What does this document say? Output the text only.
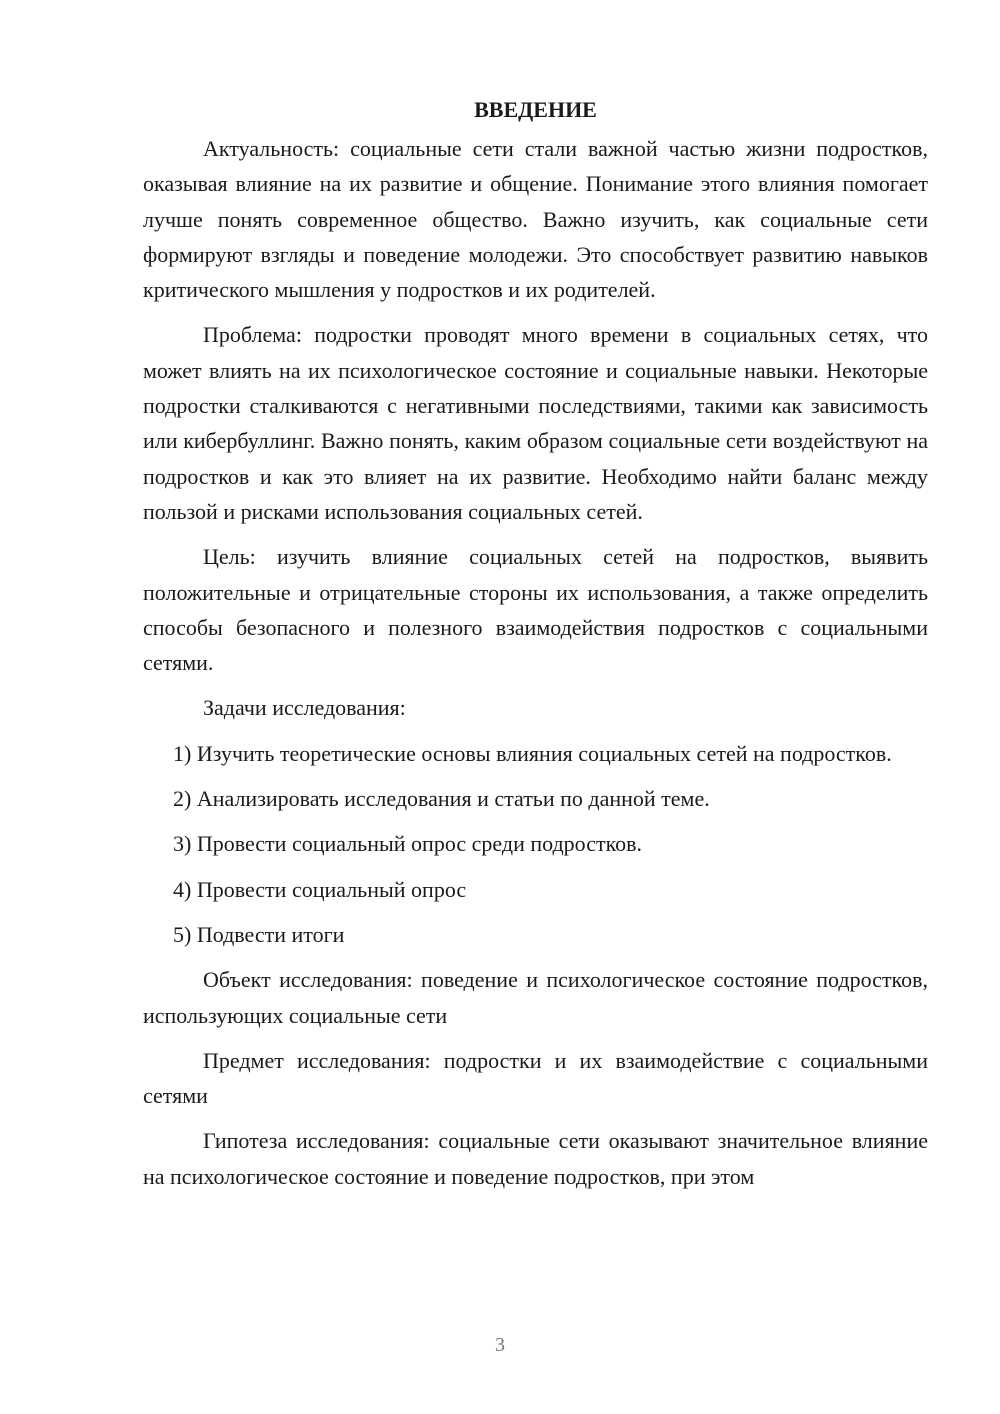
ВВЕДЕНИЕ

Актуальность: социальные сети стали важной частью жизни подростков, оказывая влияние на их развитие и общение. Понимание этого влияния помогает лучше понять современное общество. Важно изучить, как социальные сети формируют взгляды и поведение молодежи. Это способствует развитию навыков критического мышления у подростков и их родителей.

Проблема: подростки проводят много времени в социальных сетях, что может влиять на их психологическое состояние и социальные навыки. Некоторые подростки сталкиваются с негативными последствиями, такими как зависимость или кибербуллинг. Важно понять, каким образом социальные сети воздействуют на подростков и как это влияет на их развитие. Необходимо найти баланс между пользой и рисками использования социальных сетей.

Цель: изучить влияние социальных сетей на подростков, выявить положительные и отрицательные стороны их использования, а также определить способы безопасного и полезного взаимодействия подростков с социальными сетями.

Задачи исследования:

1) Изучить теоретические основы влияния социальных сетей на подростков.

2) Анализировать исследования и статьи по данной теме.

3) Провести социальный опрос среди подростков.

4) Провести социальный опрос

5) Подвести итоги

Объект исследования: поведение и психологическое состояние подростков, использующих социальные сети

Предмет исследования: подростки и их взаимодействие с социальными сетями

Гипотеза исследования: социальные сети оказывают значительное влияние на психологическое состояние и поведение подростков, при этом

3
